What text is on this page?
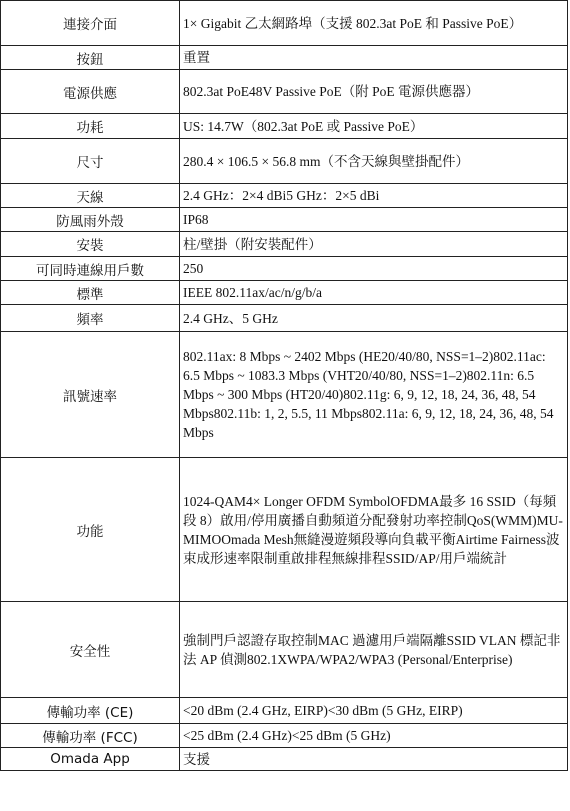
連接介面	1× Gigabit 乙太網路埠（支援 802.3at PoE 和 Passive PoE）
按鈕	重置
電源供應	802.3at PoE48V Passive PoE（附 PoE 電源供應器）
功耗	US: 14.7W（802.3at PoE 或 Passive PoE）
尺寸	280.4 × 106.5 × 56.8 mm（不含天線與壁掛配件）
天線	2.4 GHz：2×4 dBi5 GHz：2×5 dBi
防風雨外殼	IP68
安裝	柱/壁掛（附安裝配件）
可同時連線用戶數	250
標準	IEEE 802.11ax/ac/n/g/b/a
頻率	2.4 GHz、5 GHz
訊號速率	802.11ax: 8 Mbps ~ 2402 Mbps (HE20/40/80, NSS=1–2)802.11ac: 6.5 Mbps ~ 1083.3 Mbps (VHT20/40/80, NSS=1–2)802.11n: 6.5 Mbps ~ 300 Mbps (HT20/40)802.11g: 6, 9, 12, 18, 24, 36, 48, 54 Mbps802.11b: 1, 2, 5.5, 11 Mbps802.11a: 6, 9, 12, 18, 24, 36, 48, 54 Mbps
功能	1024-QAM4× Longer OFDM SymbolOFDMA最多 16 SSID（每頻段 8）啟用/停用廣播自動頻道分配發射功率控制QoS(WMM)MU-MIMOOmada Mesh無縫漫遊頻段導向負載平衡Airtime Fairness波束成形速率限制重啟排程無線排程SSID/AP/用戶端統計
安全性	強制門戶認證存取控制MAC 過濾用戶端隔離SSID VLAN 標記非法 AP 偵測802.1XWPA/WPA2/WPA3 (Personal/Enterprise)
傳輸功率 (CE)	<20 dBm (2.4 GHz, EIRP)<30 dBm (5 GHz, EIRP)
傳輸功率 (FCC)	<25 dBm (2.4 GHz)<25 dBm (5 GHz)
Omada App	支援
